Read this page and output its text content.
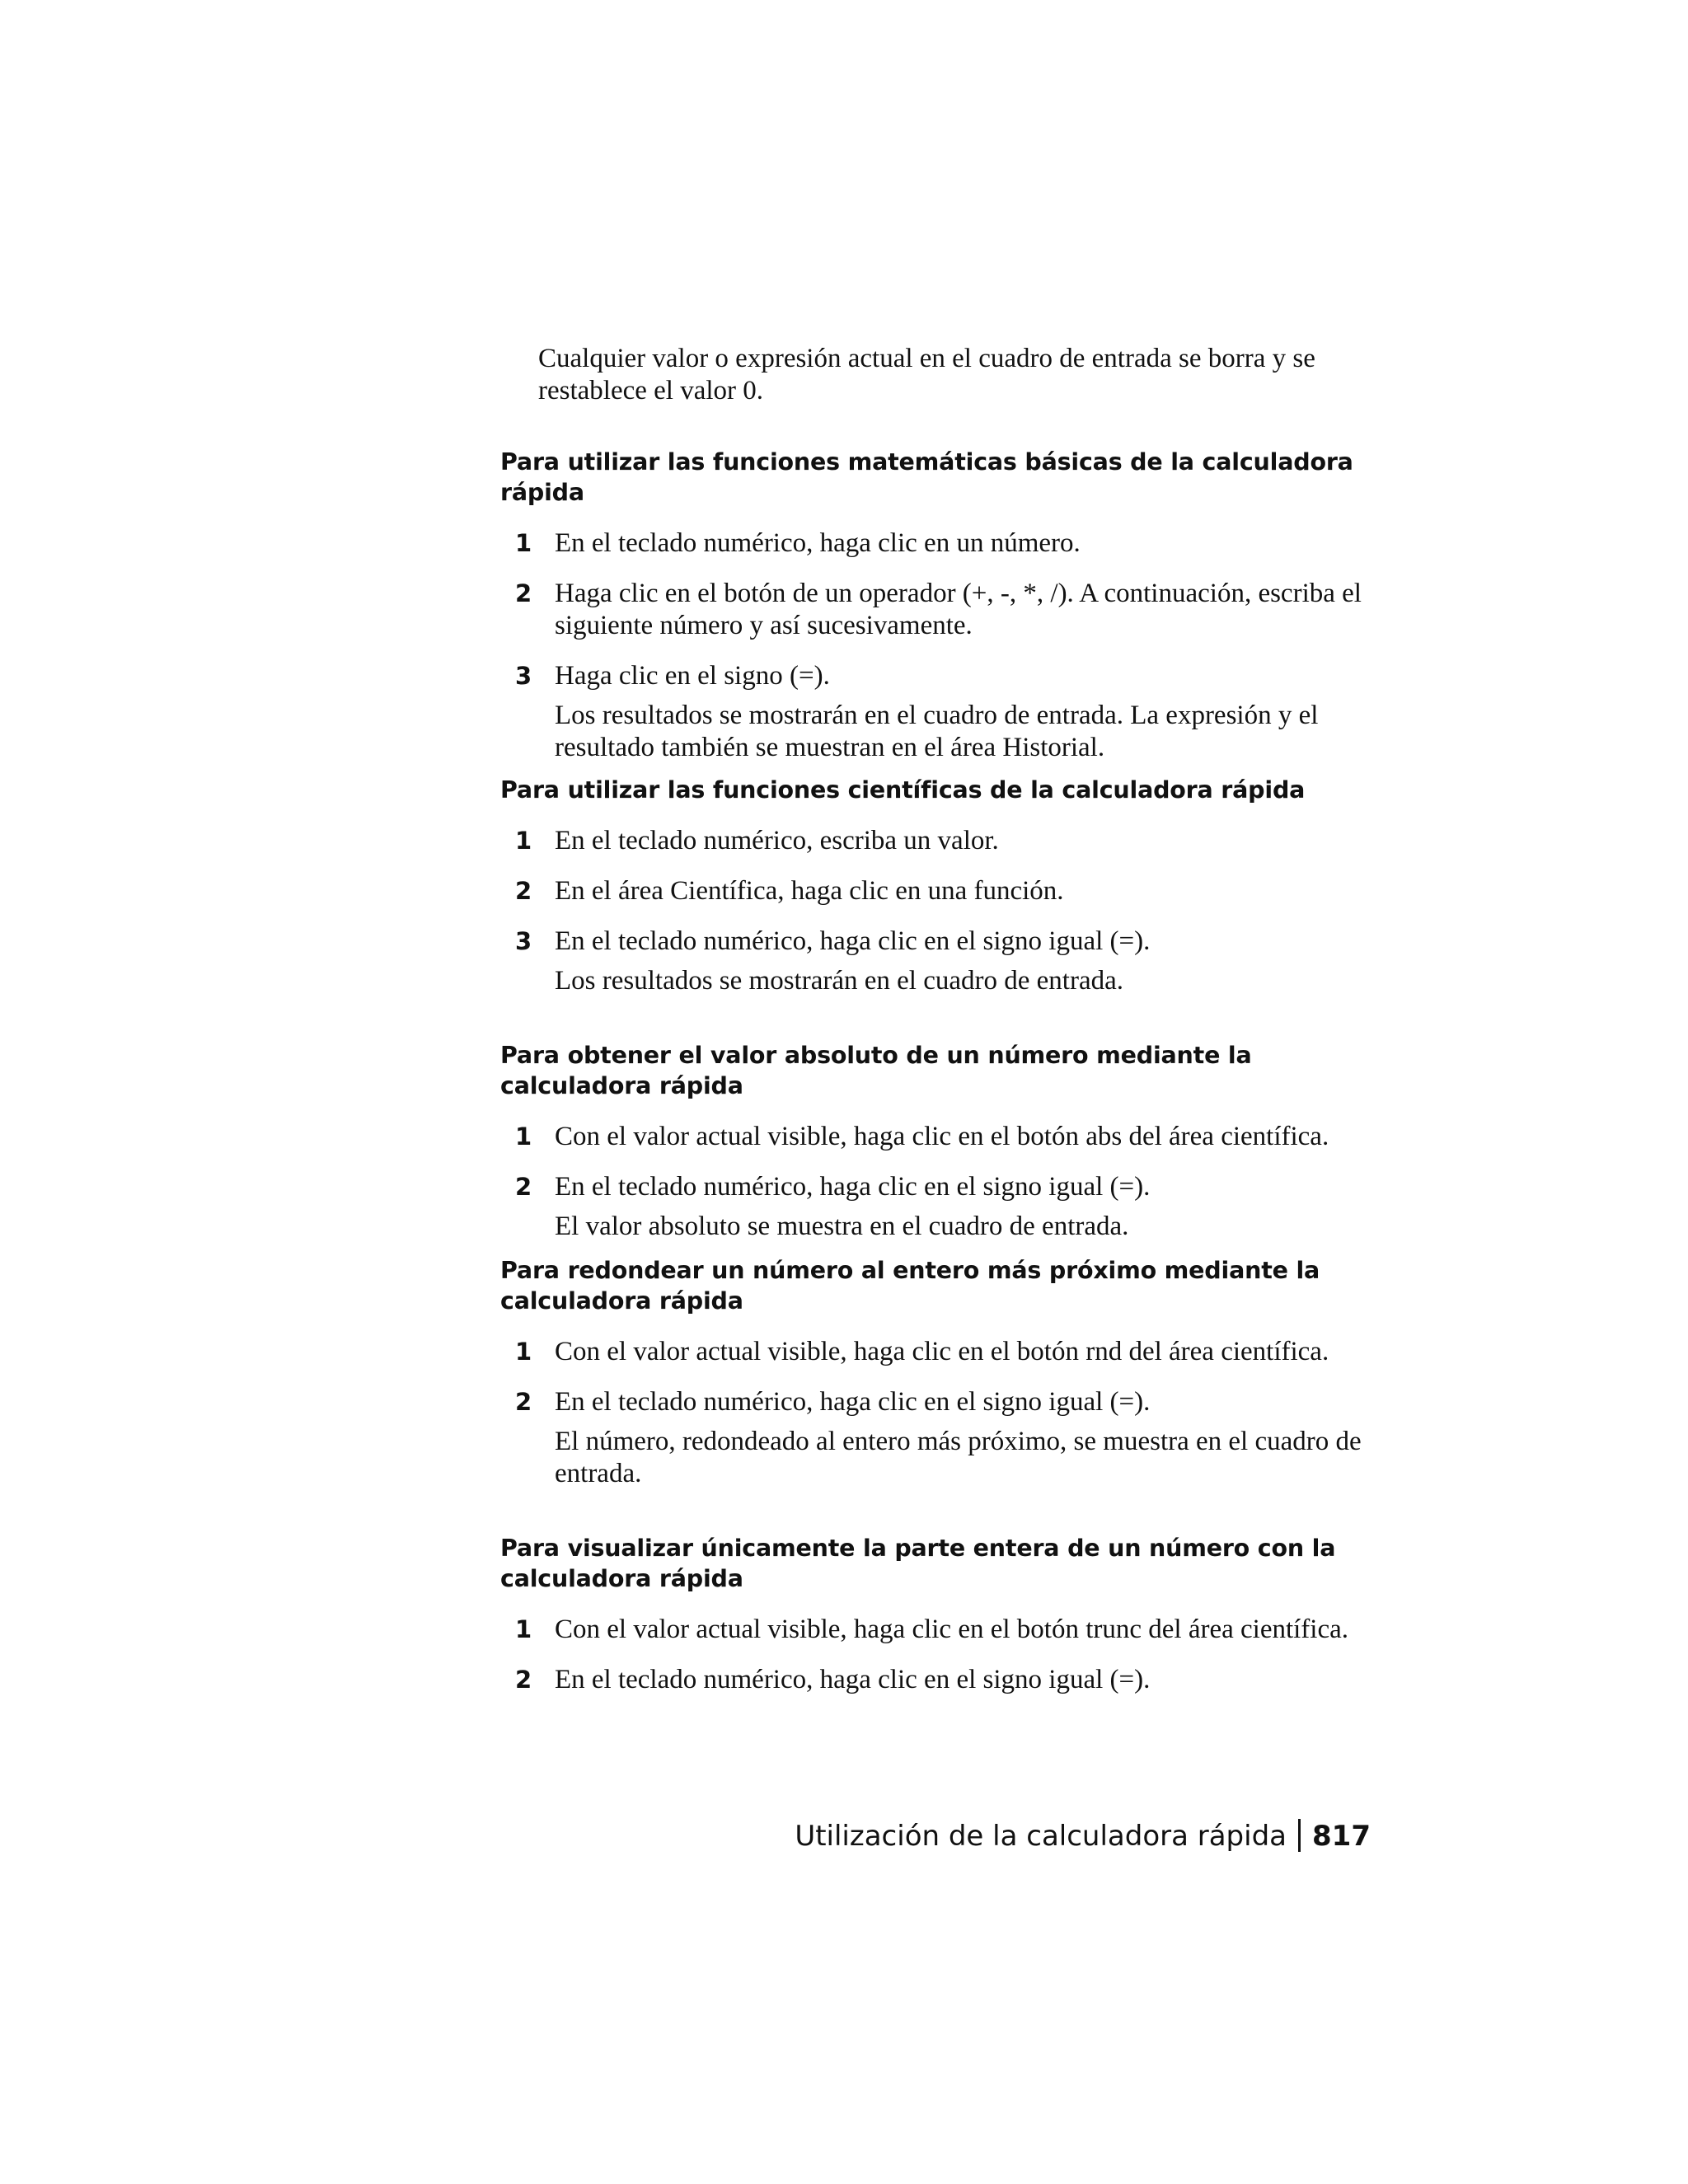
Cualquier valor o expresión actual en el cuadro de entrada se borra y se restablece el valor 0.

Para utilizar las funciones matemáticas básicas de la calculadora rápida
1 En el teclado numérico, haga clic en un número.
2 Haga clic en el botón de un operador (+, -, *, /). A continuación, escriba el siguiente número y así sucesivamente.
3 Haga clic en el signo (=).
Los resultados se mostrarán en el cuadro de entrada. La expresión y el resultado también se muestran en el área Historial.
Para utilizar las funciones científicas de la calculadora rápida
1 En el teclado numérico, escriba un valor.
2 En el área Científica, haga clic en una función.
3 En el teclado numérico, haga clic en el signo igual (=).
Los resultados se mostrarán en el cuadro de entrada.
Para obtener el valor absoluto de un número mediante la calculadora rápida
1 Con el valor actual visible, haga clic en el botón abs del área científica.
2 En el teclado numérico, haga clic en el signo igual (=).
El valor absoluto se muestra en el cuadro de entrada.
Para redondear un número al entero más próximo mediante la calculadora rápida
1 Con el valor actual visible, haga clic en el botón rnd del área científica.
2 En el teclado numérico, haga clic en el signo igual (=).
El número, redondeado al entero más próximo, se muestra en el cuadro de entrada.
Para visualizar únicamente la parte entera de un número con la calculadora rápida
1 Con el valor actual visible, haga clic en el botón trunc del área científica.
2 En el teclado numérico, haga clic en el signo igual (=).
Utilización de la calculadora rápida 817
